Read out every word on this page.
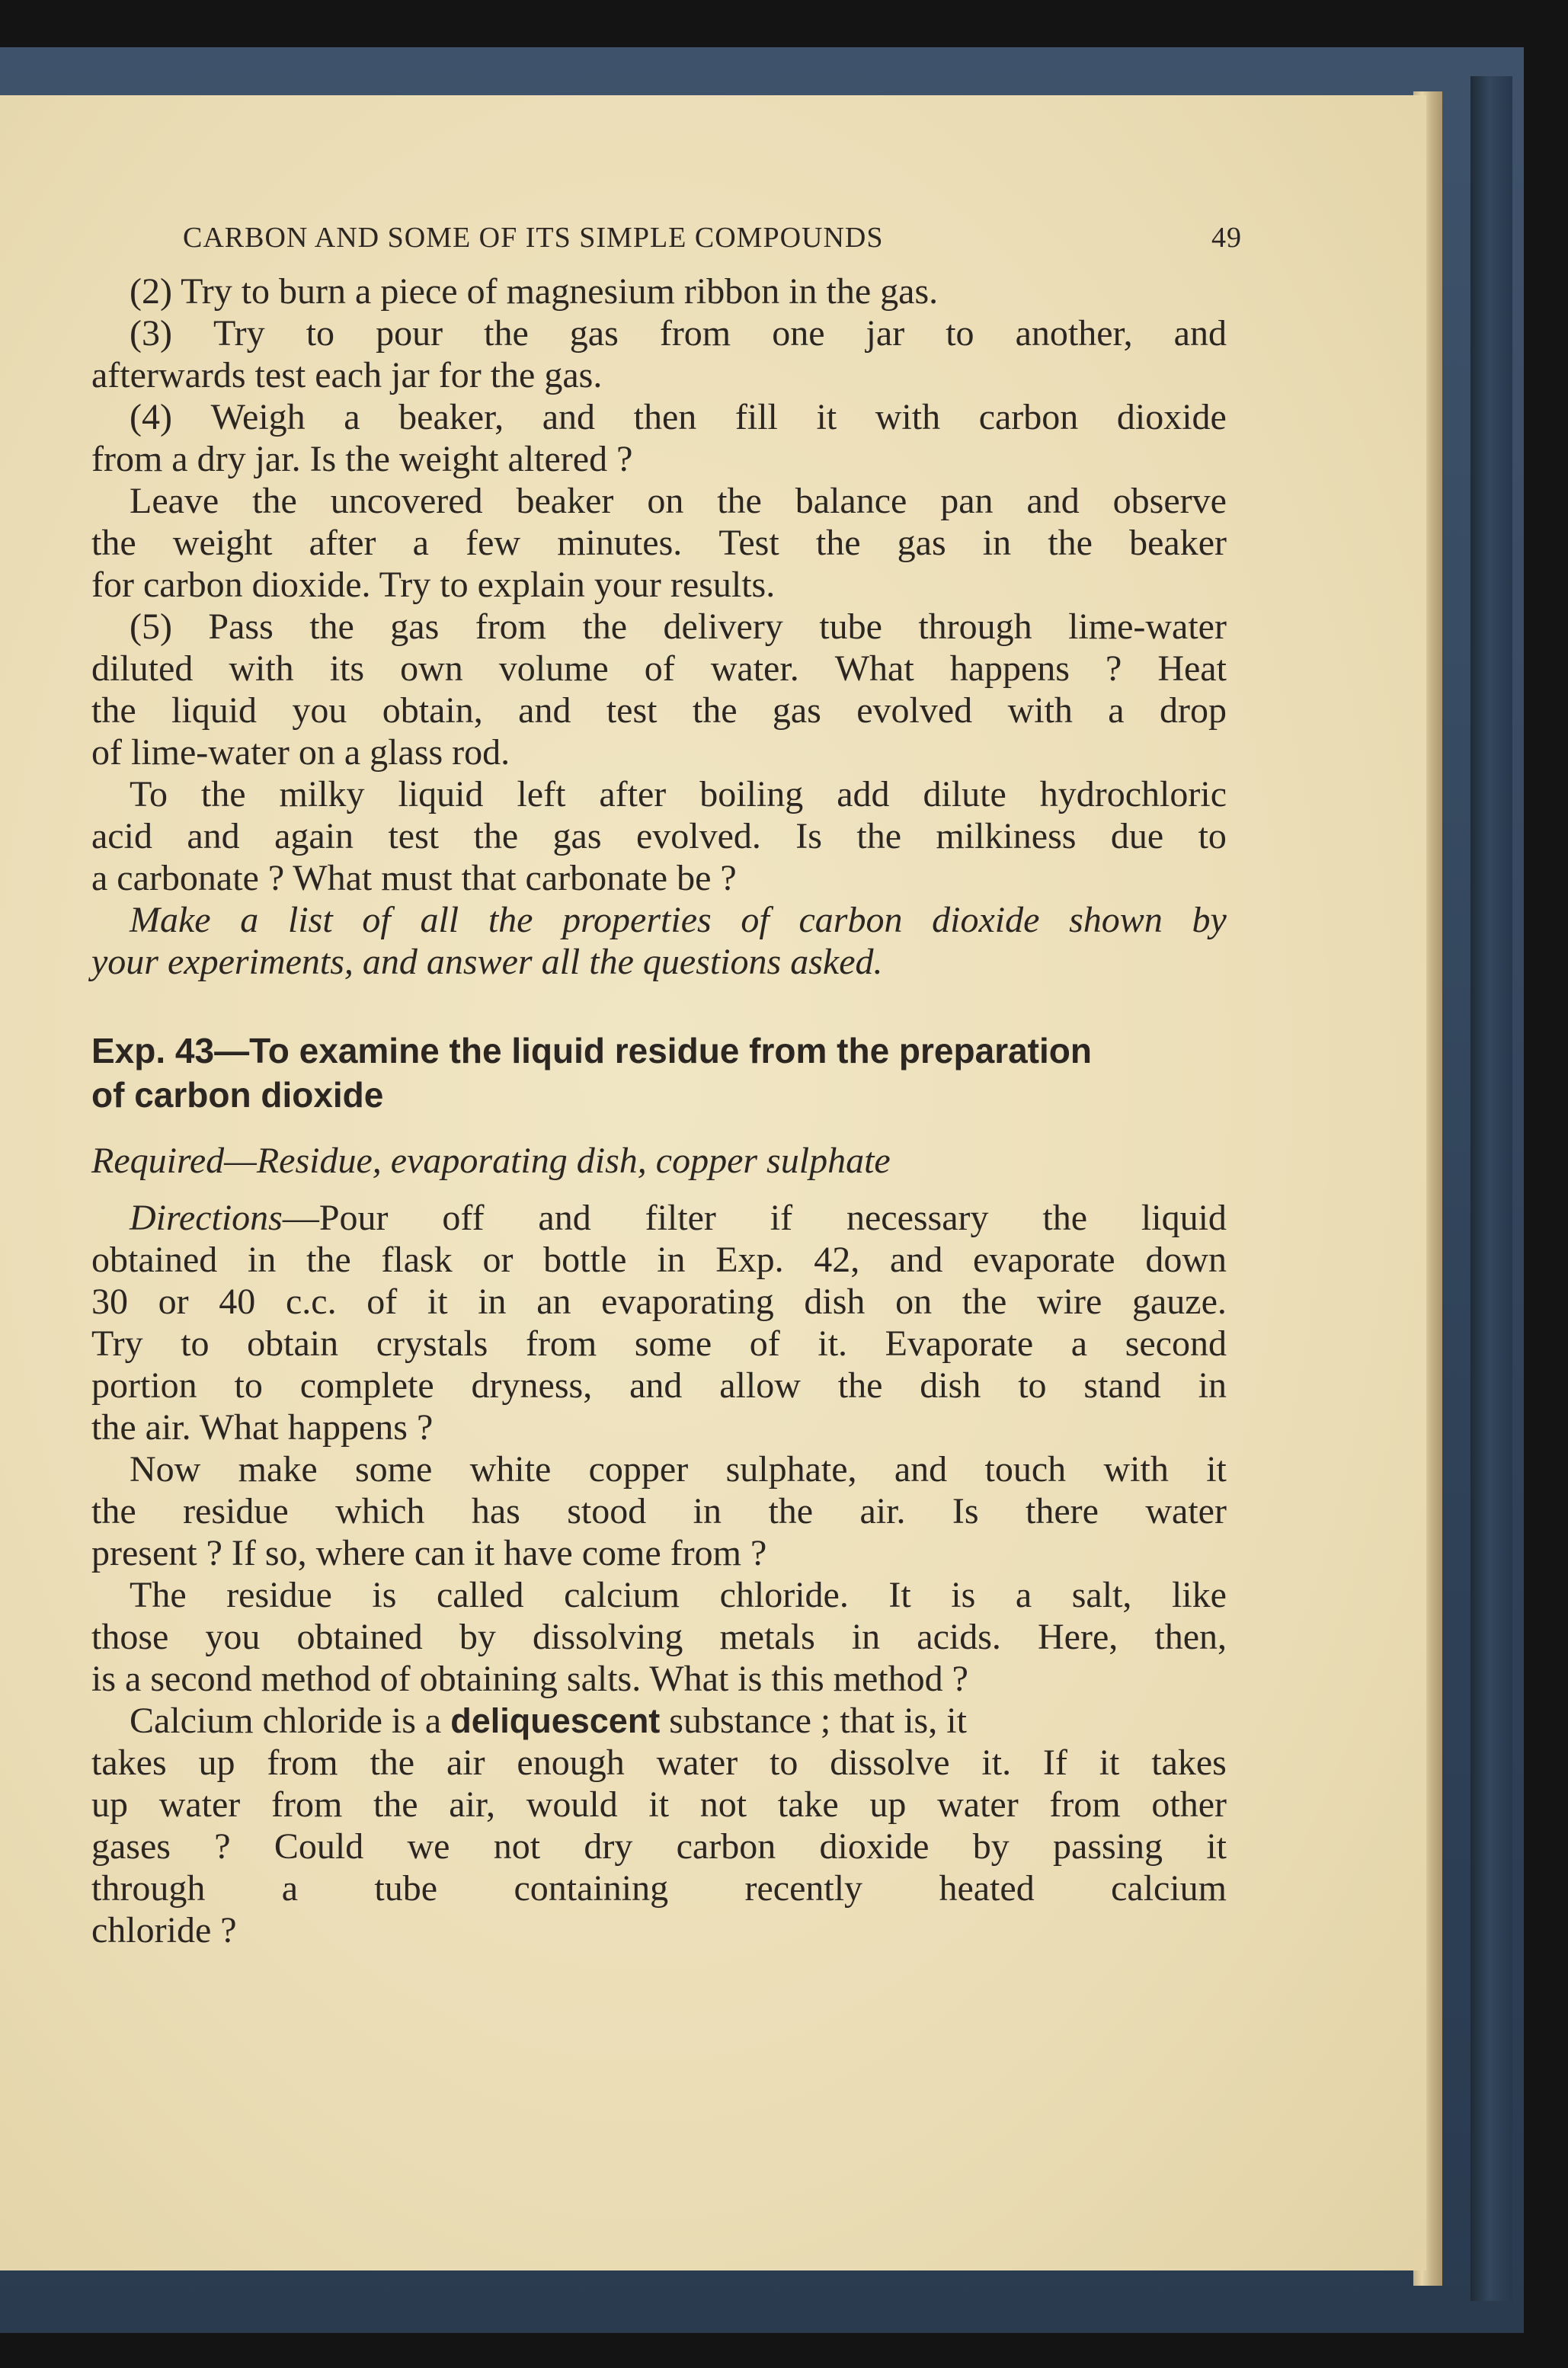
CARBON AND SOME OF ITS SIMPLE COMPOUNDS	49
(2) Try to burn a piece of magnesium ribbon in the gas.
(3) Try to pour the gas from one jar to another, and
afterwards test each jar for the gas.
(4) Weigh a beaker, and then fill it with carbon dioxide
from a dry jar. Is the weight altered ?
Leave the uncovered beaker on the balance pan and observe
the weight after a few minutes. Test the gas in the beaker
for carbon dioxide. Try to explain your results.
(5) Pass the gas from the delivery tube through lime-water
diluted with its own volume of water. What happens ? Heat
the liquid you obtain, and test the gas evolved with a drop
of lime-water on a glass rod.
To the milky liquid left after boiling add dilute hydrochloric
acid and again test the gas evolved. Is the milkiness due to
a carbonate ? What must that carbonate be ?
Make a list of all the properties of carbon dioxide shown by
your experiments, and answer all the questions asked.
Exp. 43—To examine the liquid residue from the preparation
of carbon dioxide
Required—Residue, evaporating dish, copper sulphate
Directions —Pour off and filter if necessary the liquid
obtained in the flask or bottle in Exp. 42, and evaporate down
30 or 40 c.c. of it in an evaporating dish on the wire gauze.
Try to obtain crystals from some of it. Evaporate a second
portion to complete dryness, and allow the dish to stand in
the air. What happens ?
Now make some white copper sulphate, and touch with it
the residue which has stood in the air. Is there water
present ? If so, where can it have come from ?
The residue is called calcium chloride. It is a salt, like
those you obtained by dissolving metals in acids. Here, then,
is a second method of obtaining salts. What is this method ?
Calcium chloride is a deliquescent substance ; that is, it
takes up from the air enough water to dissolve it. If it takes
up water from the air, would it not take up water from other
gases ? Could we not dry carbon dioxide by passing it
through a tube containing recently heated calcium
chloride ?
